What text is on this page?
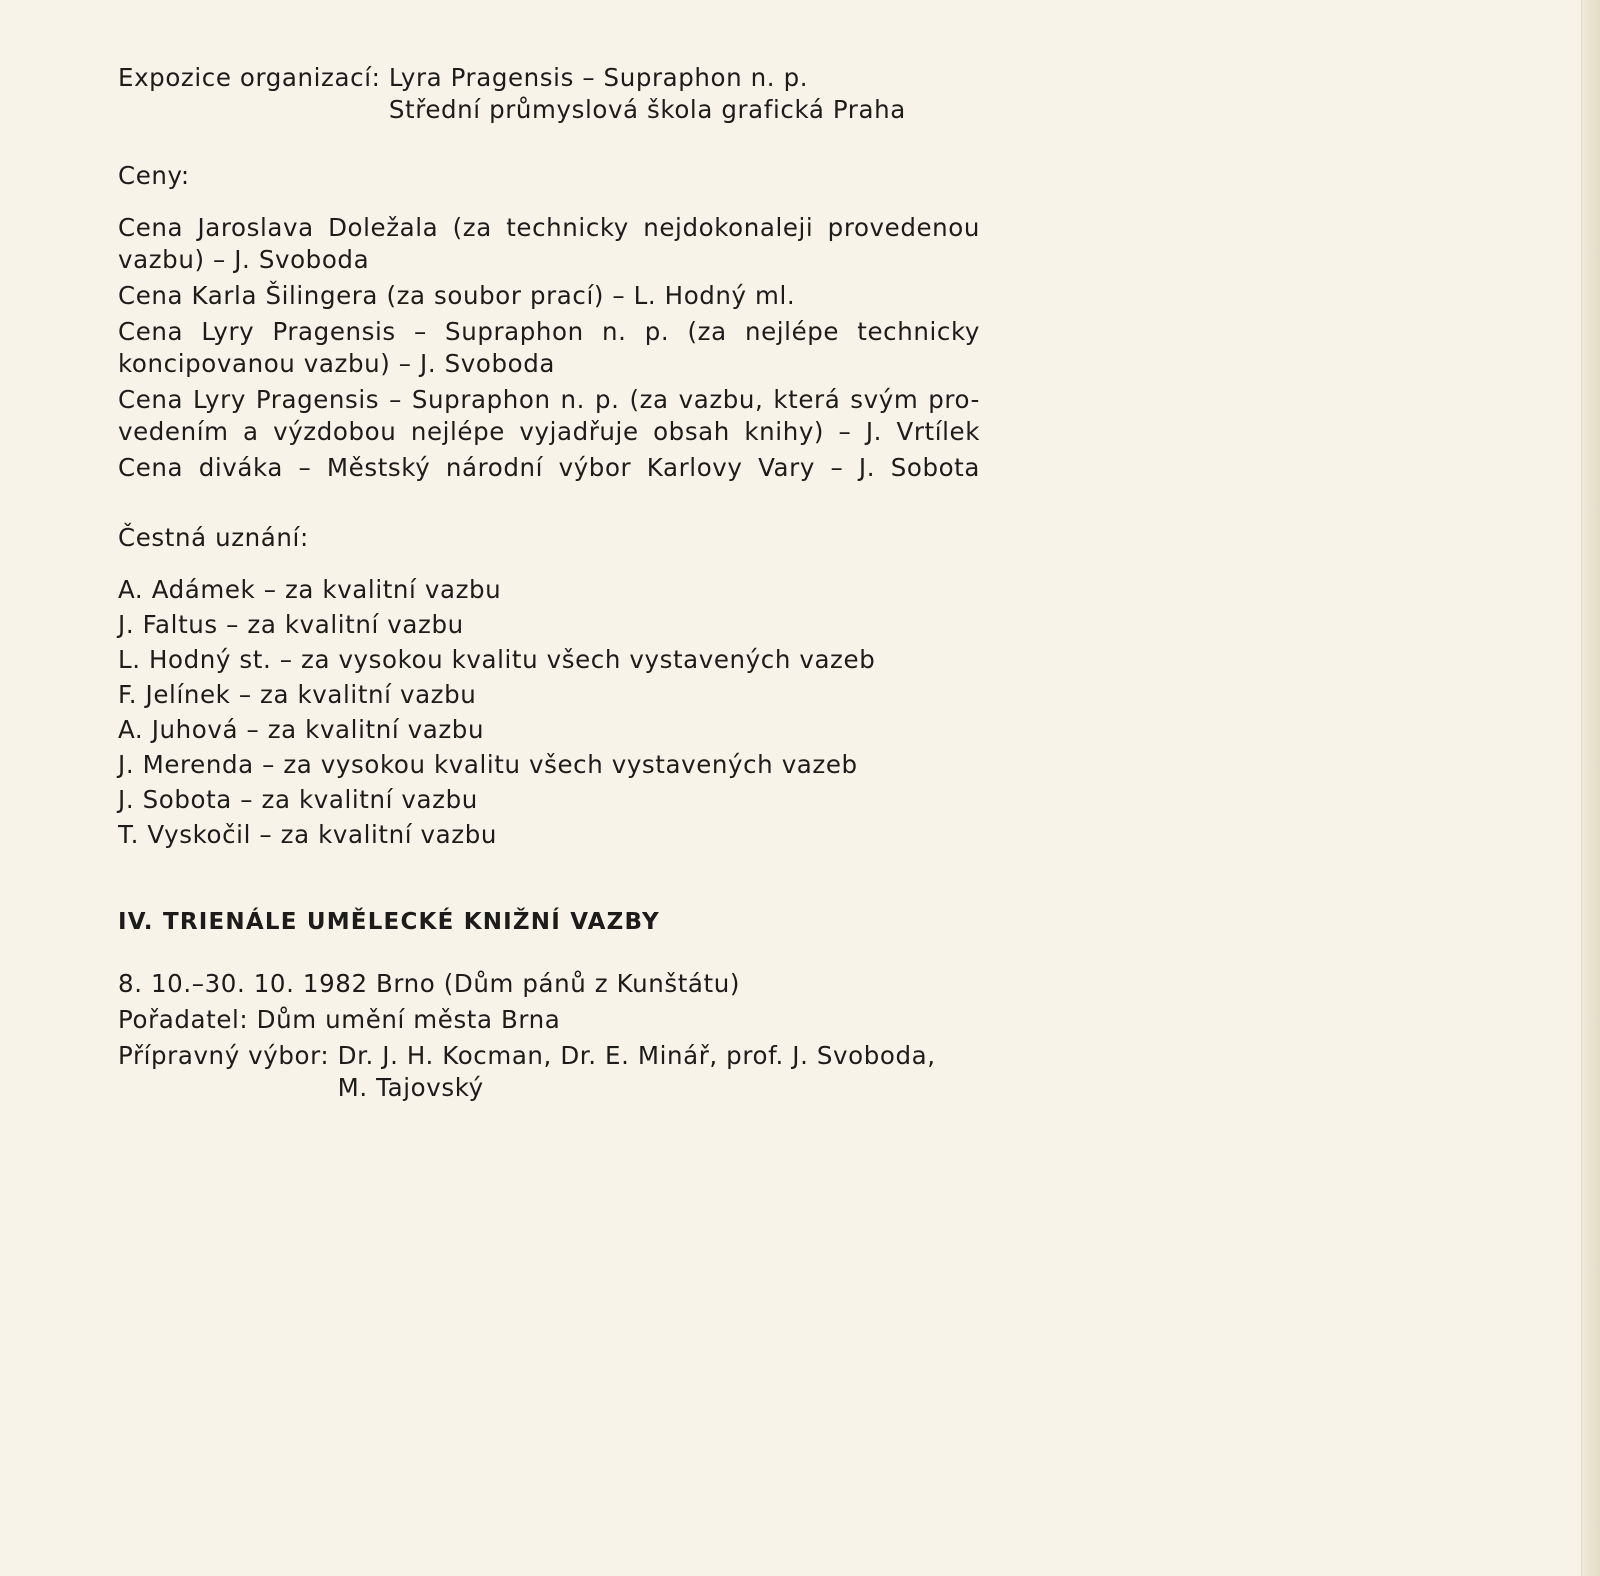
Expozice organizací: Lyra Pragensis – Supraphon n. p.
Střední průmyslová škola grafická Praha
Ceny:
Cena Jaroslava Doležala (za technicky nejdokonaleji provedenou
vazbu) – J. Svoboda
Cena Karla Šilingera (za soubor prací) – L. Hodný ml.
Cena Lyry Pragensis – Supraphon n. p. (za nejlépe technicky
koncipovanou vazbu) – J. Svoboda
Cena Lyry Pragensis – Supraphon n. p. (za vazbu, která svým pro-
vedením a výzdobou nejlépe vyjadřuje obsah knihy) – J. Vrtílek
Cena diváka – Městský národní výbor Karlovy Vary – J. Sobota
Čestná uznání:
A. Adámek – za kvalitní vazbu
J. Faltus – za kvalitní vazbu
L. Hodný st. – za vysokou kvalitu všech vystavených vazeb
F. Jelínek – za kvalitní vazbu
A. Juhová – za kvalitní vazbu
J. Merenda – za vysokou kvalitu všech vystavených vazeb
J. Sobota – za kvalitní vazbu
T. Vyskočil – za kvalitní vazbu
IV. TRIENÁLE UMĚLECKÉ KNIŽNÍ VAZBY
8. 10.–30. 10. 1982 Brno (Dům pánů z Kunštátu)
Pořadatel: Dům umění města Brna
Přípravný výbor: Dr. J. H. Kocman, Dr. E. Minář, prof. J. Svoboda,
M. Tajovský
